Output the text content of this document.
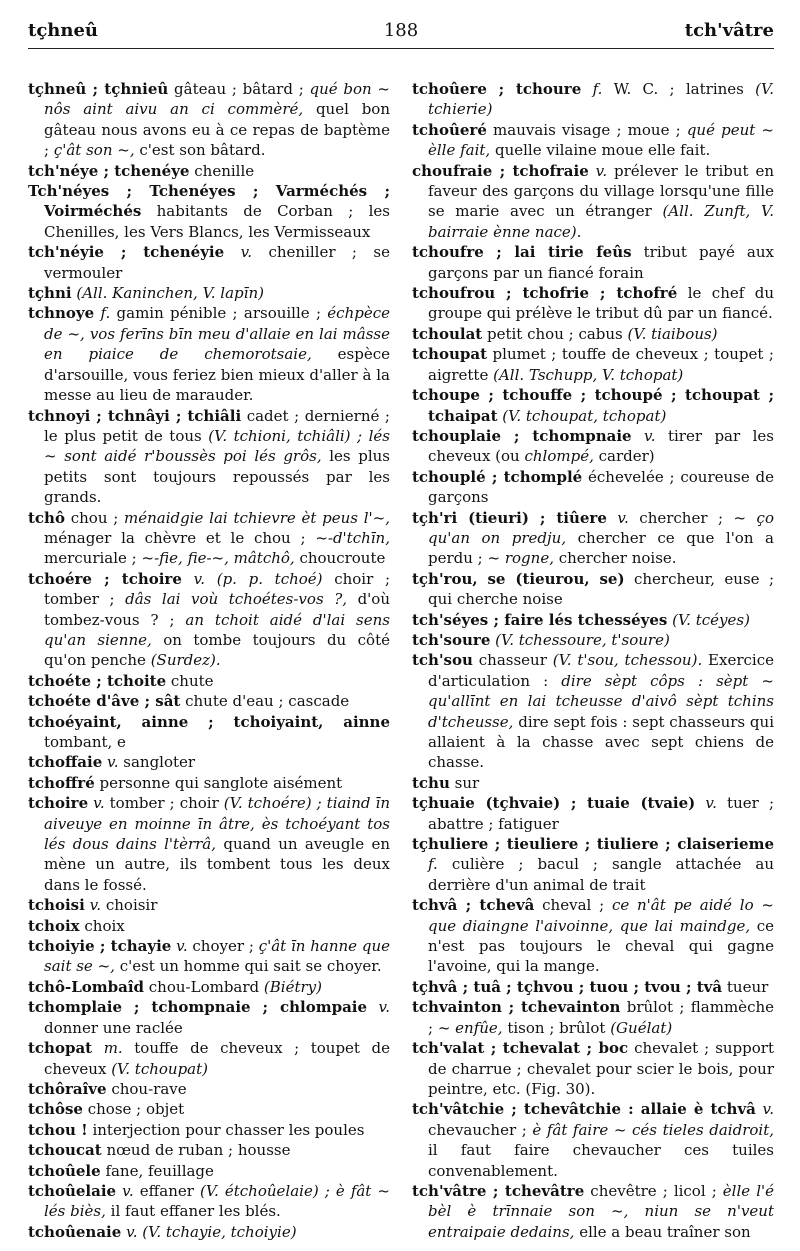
tçhneû	188	tch'vâtre

tçhneû ; tçhnieû gâteau ; bâtard ; qué bon ~ nôs aint aivu an ci commèré, quel bon gâteau nous avons eu à ce repas de baptème ; ç'ât son ~, c'est son bâtard.

tch'néye ; tchenéye chenille

Tch'néyes ; Tchenéyes ; Varméchés ; Voirméchés habitants de Corban ; les Chenilles, les Vers Blancs, les Vermisseaux

tch'néyie ; tchenéyie v. cheniller ; se vermouler

tçhni (All. Kaninchen, V. lapīn)

tchnoye f. gamin pénible ; arsouille ; échpèce de ~, vos ferīns bīn meu d'allaie en lai mâsse en piaice de chemorotsaie, espèce d'arsouille, vous feriez bien mieux d'aller à la messe au lieu de marauder.

tchnoyi ; tchnâyi ; tchiâli cadet ; dernierné ; le plus petit de tous (V. tchioni, tchiâli) ; lés ~ sont aidé r'boussès poi lés grôs, les plus petits sont toujours repoussés par les grands.

tchô chou ; ménaidgie lai tchievre èt peus l'~, ménager la chèvre et le chou ; ~-d'tchīn, mercuriale ; ~-fie, fie-~, mâtchô, choucroute

tchoére ; tchoire v. (p. p. tchoé) choir ; tomber ; dâs lai voù tchoétes-vos ?, d'où tombez-vous ? ; an tchoit aidé d'lai sens qu'an sienne, on tombe toujours du côté qu'on penche (Surdez).

tchoéte ; tchoite chute

tchoéte d'âve ; sât chute d'eau ; cascade

tchoéyaint, ainne ; tchoiyaint, ainne tombant, e

tchoffaie v. sangloter

tchoffré personne qui sanglote aisément

tchoire v. tomber ; choir (V. tchoére) ; tiaind īn aiveuye en moinne īn âtre, ès tchoéyant tos lés dous dains l'tèrrâ, quand un aveugle en mène un autre, ils tombent tous les deux dans le fossé.

tchoisi v. choisir

tchoix choix

tchoiyie ; tchayie v. choyer ; ç'ât īn hanne que sait se ~, c'est un homme qui sait se choyer.

tchô-Lombaîd chou-Lombard (Biétry)

tchomplaie ; tchompnaie ; chlompaie v. donner une raclée

tchopat m. touffe de cheveux ; toupet de cheveux (V. tchoupat)

tchôraîve chou-rave

tchôse chose ; objet

tchou ! interjection pour chasser les poules

tchoucat nœud de ruban ; housse

tchoûele fane, feuillage

tchoûelaie v. effaner (V. étchoûelaie) ; è fât ~ lés biès, il faut effaner les blés.

tchoûenaie v. (V. tchayie, tchoiyie)

tchoûere ; tchoure f. W. C. ; latrines (V. tchierie)

tchoûeré mauvais visage ; moue ; qué peut ~ èlle fait, quelle vilaine moue elle fait.

choufraie ; tchofraie v. prélever le tribut en faveur des garçons du village lorsqu'une fille se marie avec un étranger (All. Zunft, V. bairraie ènne nace).

tchoufre ; lai tirie feûs tribut payé aux garçons par un fiancé forain

tchoufrou ; tchofrie ; tchofré le chef du groupe qui prélève le tribut dû par un fiancé.

tchoulat petit chou ; cabus (V. tiaibous)

tchoupat plumet ; touffe de cheveux ; toupet ; aigrette (All. Tschupp, V. tchopat)

tchoupe ; tchouffe ; tchoupé ; tchoupat ; tchaipat (V. tchoupat, tchopat)

tchouplaie ; tchompnaie v. tirer par les cheveux (ou chlompé, carder)

tchouplé ; tchomplé échevelée ; coureuse de garçons

tçh'ri (tieuri) ; tiûere v. chercher ; ~ ço qu'an on predju, chercher ce que l'on a perdu ; ~ rogne, chercher noise.

tçh'rou, se (tieurou, se) chercheur, euse ; qui cherche noise

tch'séyes ; faire lés tchesséyes (V. tcéyes)

tch'soure (V. tchessoure, t'soure)

tch'sou chasseur (V. t'sou, tchessou). Exercice d'articulation : dire sèpt côps : sèpt ~ qu'allīnt en lai tcheusse d'aivô sèpt tchins d'tcheusse, dire sept fois : sept chasseurs qui allaient à la chasse avec sept chiens de chasse.

tchu sur

tçhuaie (tçhvaie) ; tuaie (tvaie) v. tuer ; abattre ; fatiguer

tçhuliere ; tieuliere ; tiuliere ; claiserieme f. culière ; bacul ; sangle attachée au derrière d'un animal de trait

tchvâ ; tchevâ cheval ; ce n'ât pe aidé lo ~ que diaingne l'aivoinne, que lai maindge, ce n'est pas toujours le cheval qui gagne l'avoine, qui la mange.

tçhvâ ; tuâ ; tçhvou ; tuou ; tvou ; tvâ tueur

tchvainton ; tchevainton brûlot ; flammèche ; ~ enfûe, tison ; brûlot (Guélat)

tch'valat ; tchevalat ; boc chevalet ; support de charrue ; chevalet pour scier le bois, pour peintre, etc. (Fig. 30).

tch'vâtchie ; tchevâtchie : allaie è tchvâ v. chevaucher ; è fât faire ~ cés tieles daidroit, il faut faire chevaucher ces tuiles convenablement.

tch'vâtre ; tchevâtre chevêtre ; licol ; èlle l'é bèl è trīnnaie son ~, niun se n'veut entraipaie dedains, elle a beau traîner son
